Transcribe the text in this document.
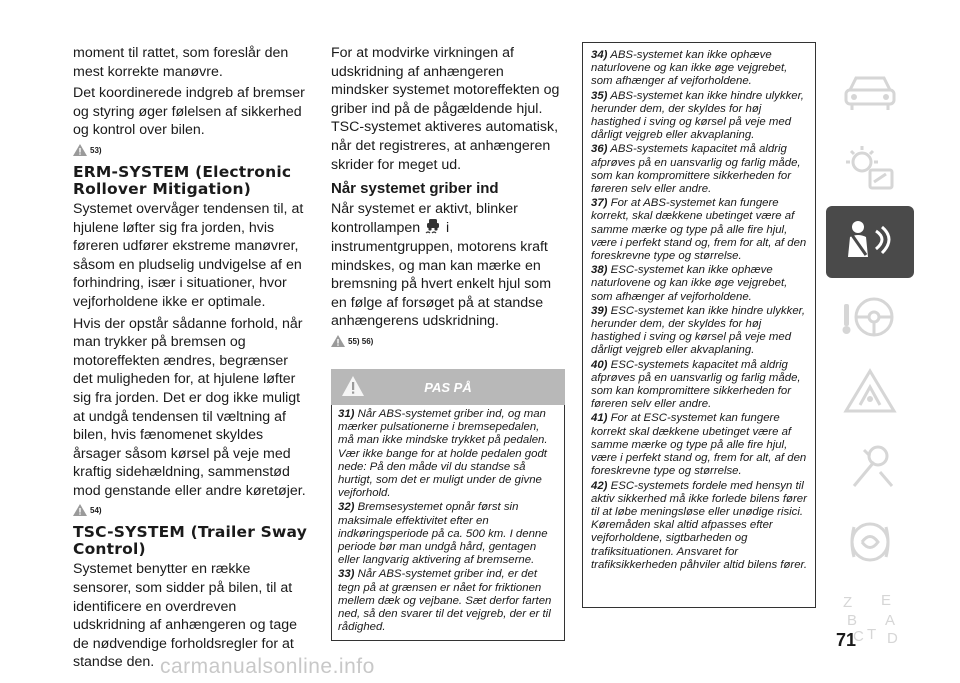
moment til rattet, som foreslår den mest korrekte manøvre.

Det koordinerede indgreb af bremser og styring øger følelsen af sikkerhed og kontrol over bilen.

53)
ERM-SYSTEM (Electronic Rollover Mitigation)

Systemet overvåger tendensen til, at hjulene løfter sig fra jorden, hvis føreren udfører ekstreme manøvrer, såsom en pludselig undvigelse af en forhindring, især i situationer, hvor vejforholdene ikke er optimale.

Hvis der opstår sådanne forhold, når man trykker på bremsen og motoreffekten ændres, begrænser det muligheden for, at hjulene løfter sig fra jorden. Det er dog ikke muligt at undgå tendensen til væltning af bilen, hvis fænomenet skyldes årsager såsom kørsel på veje med kraftig sidehældning, sammenstød mod genstande eller andre køretøjer.

54)
TSC-SYSTEM (Trailer Sway Control)

Systemet benytter en række sensorer, som sidder på bilen, til at identificere en overdreven udskridning af anhængeren og tage de nødvendige forholdsregler for at standse den.

For at modvirke virkningen af udskridning af anhængeren mindsker systemet motoreffekten og griber ind på de pågældende hjul. TSC-systemet aktiveres automatisk, når det registreres, at anhængeren skrider for meget ud.

Når systemet griber ind

Når systemet er aktivt, blinker kontrollampen i instrumentgruppen, motorens kraft mindskes, og man kan mærke en bremsning på hvert enkelt hjul som en følge af forsøget på at standse anhængerens udskridning.

55) 56)
PAS PÅ
31) Når ABS-systemet griber ind, og man mærker pulsationerne i bremsepedalen, må man ikke mindske trykket på pedalen. Vær ikke bange for at holde pedalen godt nede: På den måde vil du standse så hurtigt, som det er muligt under de givne vejforhold.
32) Bremsesystemet opnår først sin maksimale effektivitet efter en indkøringsperiode på ca. 500 km. I denne periode bør man undgå hård, gentagen eller langvarig aktivering af bremserne.
33) Når ABS-systemet griber ind, er det tegn på at grænsen er nået for friktionen mellem dæk og vejbane. Sæt derfor farten ned, så den svarer til det vejgreb, der er til rådighed.
34) ABS-systemet kan ikke ophæve naturlovene og kan ikke øge vejgrebet, som afhænger af vejforholdene.
35) ABS-systemet kan ikke hindre ulykker, herunder dem, der skyldes for høj hastighed i sving og kørsel på veje med dårligt vejgreb eller akvaplaning.
36) ABS-systemets kapacitet må aldrig afprøves på en uansvarlig og farlig måde, som kan kompromittere sikkerheden for føreren selv eller andre.
37) For at ABS-systemet kan fungere korrekt, skal dækkene ubetinget være af samme mærke og type på alle fire hjul, være i perfekt stand og, frem for alt, af den foreskrevne type og størrelse.
38) ESC-systemet kan ikke ophæve naturlovene og kan ikke øge vejgrebet, som afhænger af vejforholdene.
39) ESC-systemet kan ikke hindre ulykker, herunder dem, der skyldes for høj hastighed i sving og kørsel på veje med dårligt vejgreb eller akvaplaning.
40) ESC-systemets kapacitet må aldrig afprøves på en uansvarlig og farlig måde, som kan kompromittere sikkerheden for føreren selv eller andre.
41) For at ESC-systemet kan fungere korrekt skal dækkene ubetinget være af samme mærke og type på alle fire hjul, være i perfekt stand og, frem for alt, af den foreskrevne type og størrelse.
42) ESC-systemets fordele med hensyn til aktiv sikkerhed må ikke forlede bilens fører til at løbe meningsløse eller unødige risici. Køremåden skal altid afpasses efter vejforholdene, sigtbarheden og trafiksituationen. Ansvaret for trafiksikkerheden påhviler altid bilens fører.
Z E
B A
C T D
71
carmanualsonline.info
